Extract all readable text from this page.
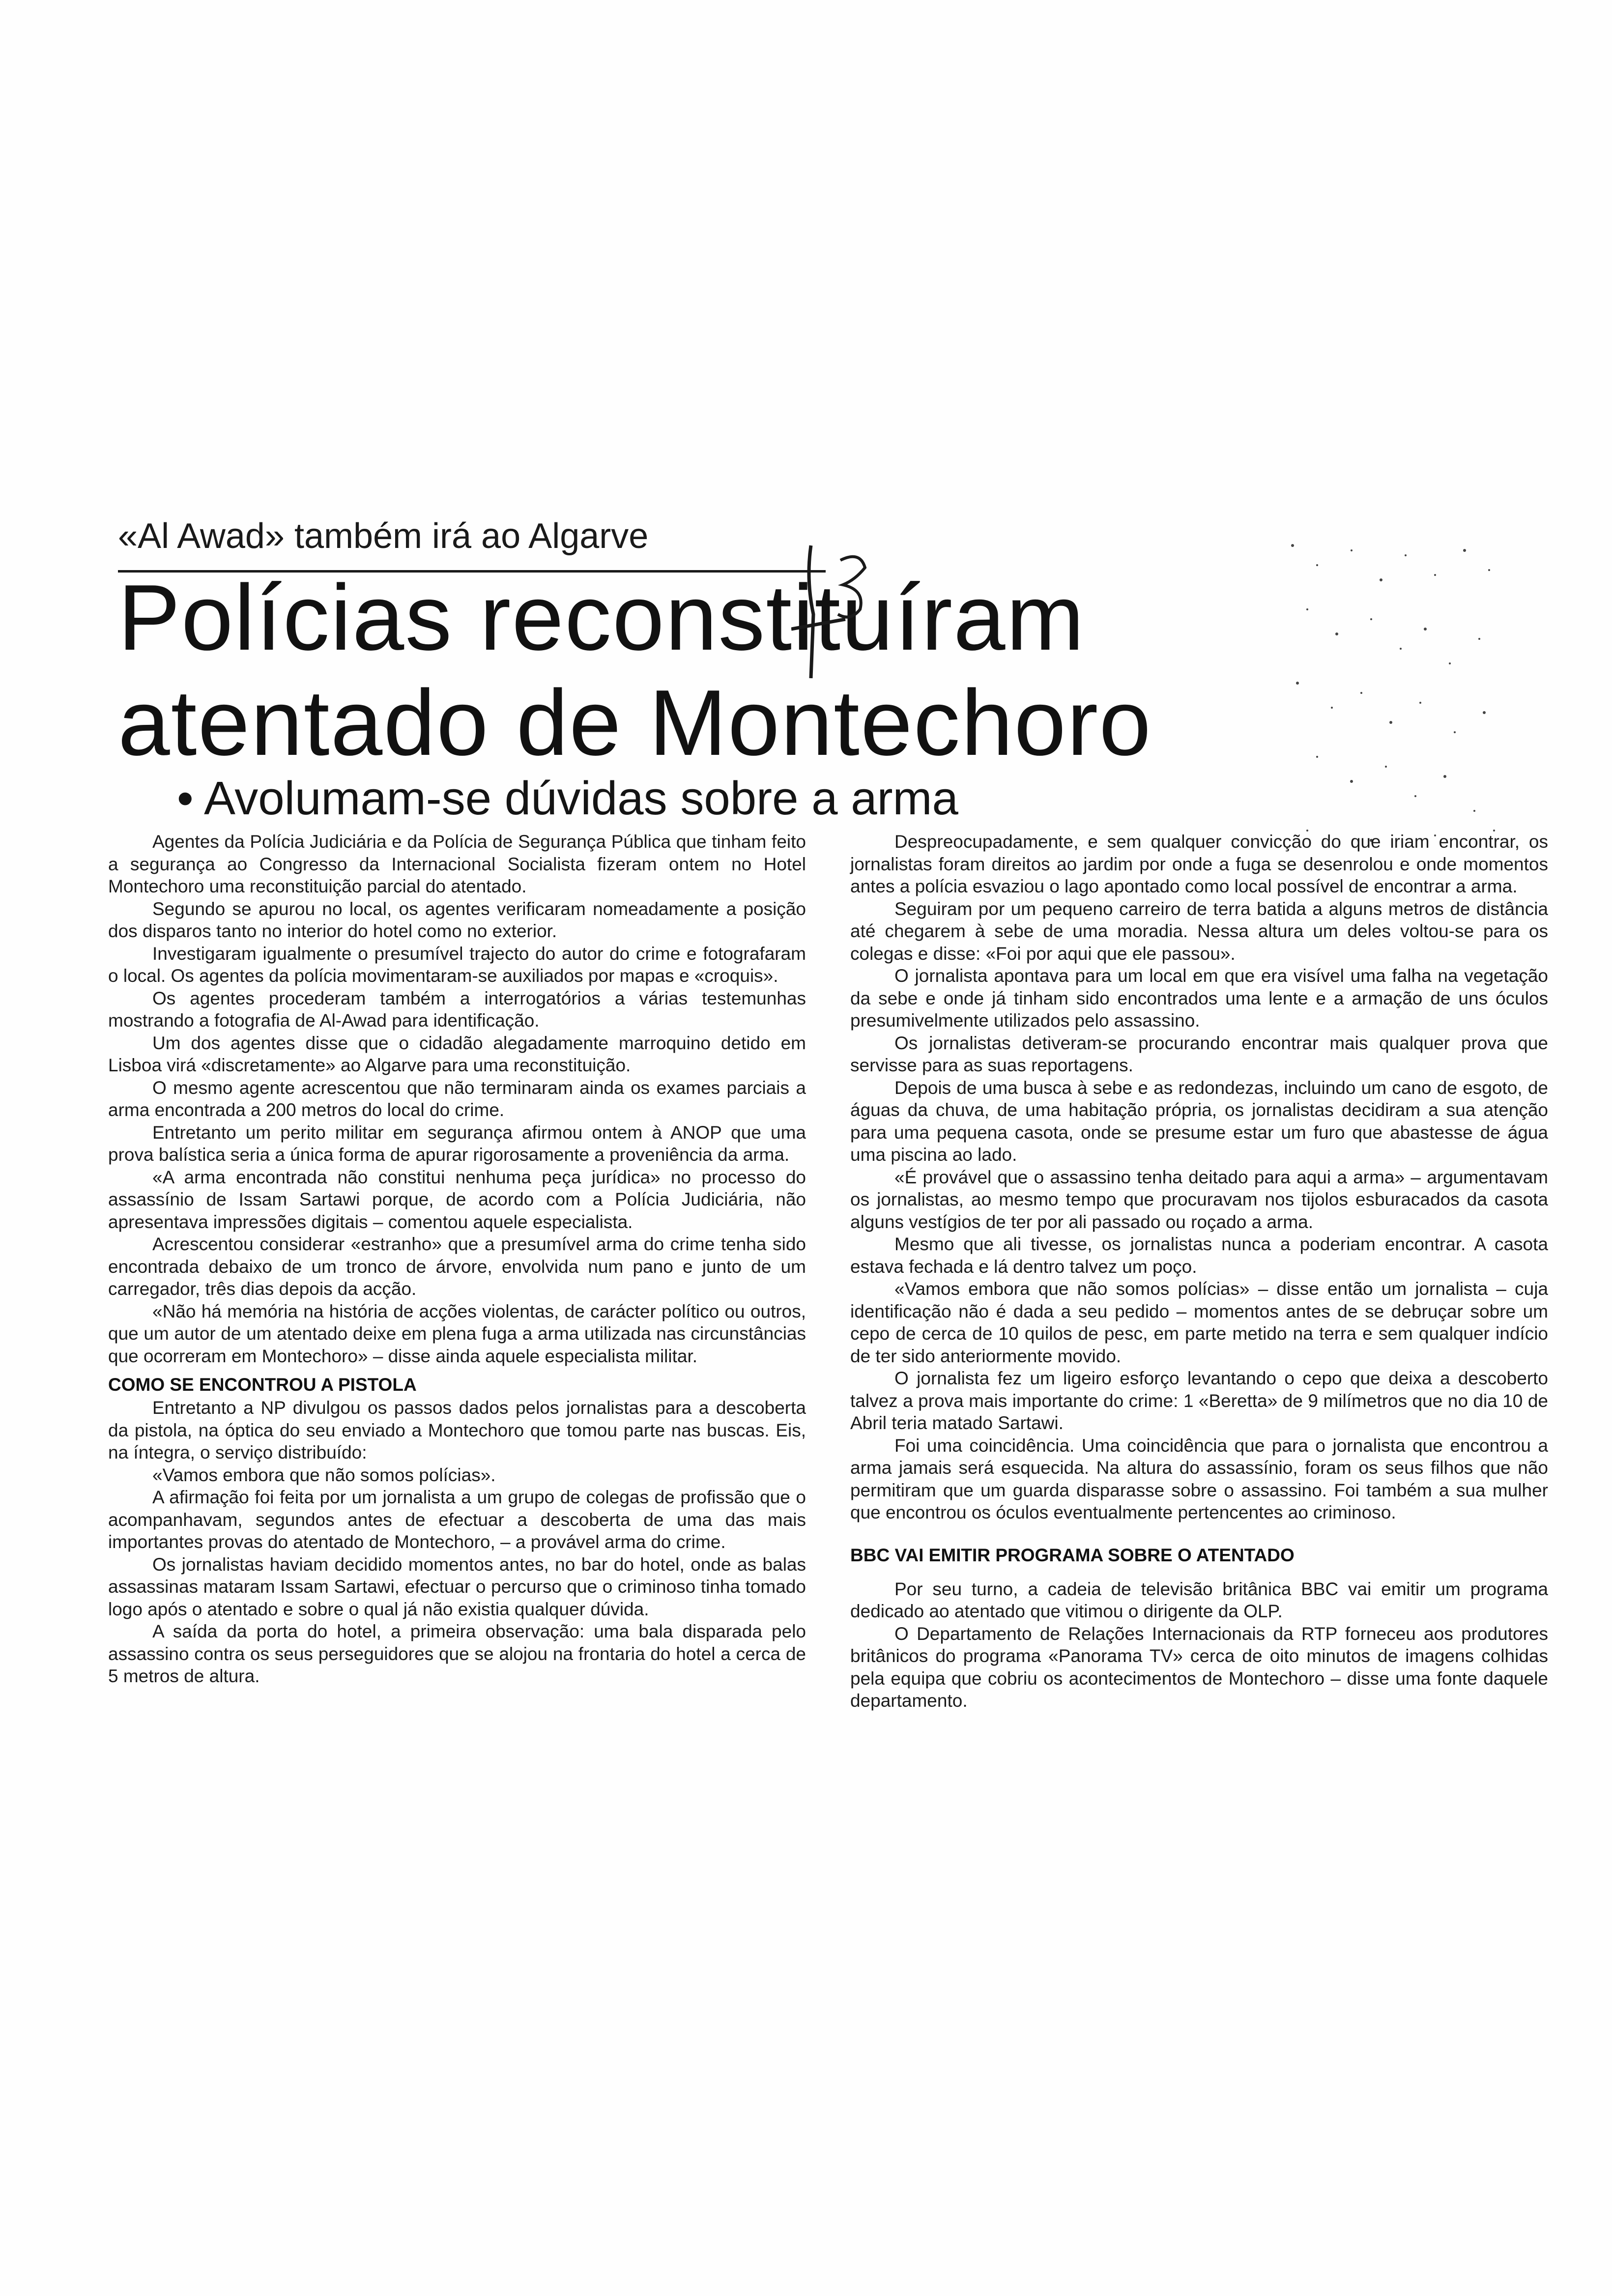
«Al Awad» também irá ao Algarve
Polícias reconstituíram
atentado de Montechoro
• Avolumam-se dúvidas sobre a arma

Agentes da Polícia Judiciária e da Polícia de Segurança Pública que tinham feito a segurança ao Congresso da Internacional Socialista fizeram ontem no Hotel Montechoro uma reconstituição parcial do atentado.

Segundo se apurou no local, os agentes verificaram nomeadamente a posição dos disparos tanto no interior do hotel como no exterior.

Investigaram igualmente o presumível trajecto do autor do crime e fotografaram o local. Os agentes da polícia movimentaram-se auxiliados por mapas e «croquis».

Os agentes procederam também a interrogatórios a várias testemunhas mostrando a fotografia de Al-Awad para identificação.

Um dos agentes disse que o cidadão alegadamente marroquino detido em Lisboa virá «discretamente» ao Algarve para uma reconstituição.

O mesmo agente acrescentou que não terminaram ainda os exames parciais a arma encontrada a 200 metros do local do crime.

Entretanto um perito militar em segurança afirmou ontem à ANOP que uma prova balística seria a única forma de apurar rigorosamente a proveniência da arma.

«A arma encontrada não constitui nenhuma peça jurídica» no processo do assassínio de Issam Sartawi porque, de acordo com a Polícia Judiciária, não apresentava impressões digitais – comentou aquele especialista.

Acrescentou considerar «estranho» que a presumível arma do crime tenha sido encontrada debaixo de um tronco de árvore, envolvida num pano e junto de um carregador, três dias depois da acção.

«Não há memória na história de acções violentas, de carácter político ou outros, que um autor de um atentado deixe em plena fuga a arma utilizada nas circunstâncias que ocorreram em Montechoro» – disse ainda aquele especialista militar.

COMO SE ENCONTROU A PISTOLA

Entretanto a NP divulgou os passos dados pelos jornalistas para a descoberta da pistola, na óptica do seu enviado a Montechoro que tomou parte nas buscas. Eis, na íntegra, o serviço distribuído:

«Vamos embora que não somos polícias».

A afirmação foi feita por um jornalista a um grupo de colegas de profissão que o acompanhavam, segundos antes de efectuar a descoberta de uma das mais importantes provas do atentado de Montechoro, – a provável arma do crime.

Os jornalistas haviam decidido momentos antes, no bar do hotel, onde as balas assassinas mataram Issam Sartawi, efectuar o percurso que o criminoso tinha tomado logo após o atentado e sobre o qual já não existia qualquer dúvida.

A saída da porta do hotel, a primeira observação: uma bala disparada pelo assassino contra os seus perseguidores que se alojou na frontaria do hotel a cerca de 5 metros de altura.

Despreocupadamente, e sem qualquer convicção do que iriam encontrar, os jornalistas foram direitos ao jardim por onde a fuga se desenrolou e onde momentos antes a polícia esvaziou o lago apontado como local possível de encontrar a arma.

Seguiram por um pequeno carreiro de terra batida a alguns metros de distância até chegarem à sebe de uma moradia. Nessa altura um deles voltou-se para os colegas e disse: «Foi por aqui que ele passou».

O jornalista apontava para um local em que era visível uma falha na vegetação da sebe e onde já tinham sido encontrados uma lente e a armação de uns óculos presumivelmente utilizados pelo assassino.

Os jornalistas detiveram-se procurando encontrar mais qualquer prova que servisse para as suas reportagens.

Depois de uma busca à sebe e as redondezas, incluindo um cano de esgoto, de águas da chuva, de uma habitação própria, os jornalistas decidiram a sua atenção para uma pequena casota, onde se presume estar um furo que abastesse de água uma piscina ao lado.

«É provável que o assassino tenha deitado para aqui a arma» – argumentavam os jornalistas, ao mesmo tempo que procuravam nos tijolos esburacados da casota alguns vestígios de ter por ali passado ou roçado a arma.

Mesmo que ali tivesse, os jornalistas nunca a poderiam encontrar. A casota estava fechada e lá dentro talvez um poço.

«Vamos embora que não somos polícias» – disse então um jornalista – cuja identificação não é dada a seu pedido – momentos antes de se debruçar sobre um cepo de cerca de 10 quilos de pesc, em parte metido na terra e sem qualquer indício de ter sido anteriormente movido.

O jornalista fez um ligeiro esforço levantando o cepo que deixa a descoberto talvez a prova mais importante do crime: 1 «Beretta» de 9 milímetros que no dia 10 de Abril teria matado Sartawi.

Foi uma coincidência. Uma coincidência que para o jornalista que encontrou a arma jamais será esquecida. Na altura do assassínio, foram os seus filhos que não permitiram que um guarda disparasse sobre o assassino. Foi também a sua mulher que encontrou os óculos eventualmente pertencentes ao criminoso.

BBC VAI EMITIR PROGRAMA SOBRE O ATENTADO

Por seu turno, a cadeia de televisão britânica BBC vai emitir um programa dedicado ao atentado que vitimou o dirigente da OLP.

O Departamento de Relações Internacionais da RTP forneceu aos produtores britânicos do programa «Panorama TV» cerca de oito minutos de imagens colhidas pela equipa que cobriu os acontecimentos de Montechoro – disse uma fonte daquele departamento.
